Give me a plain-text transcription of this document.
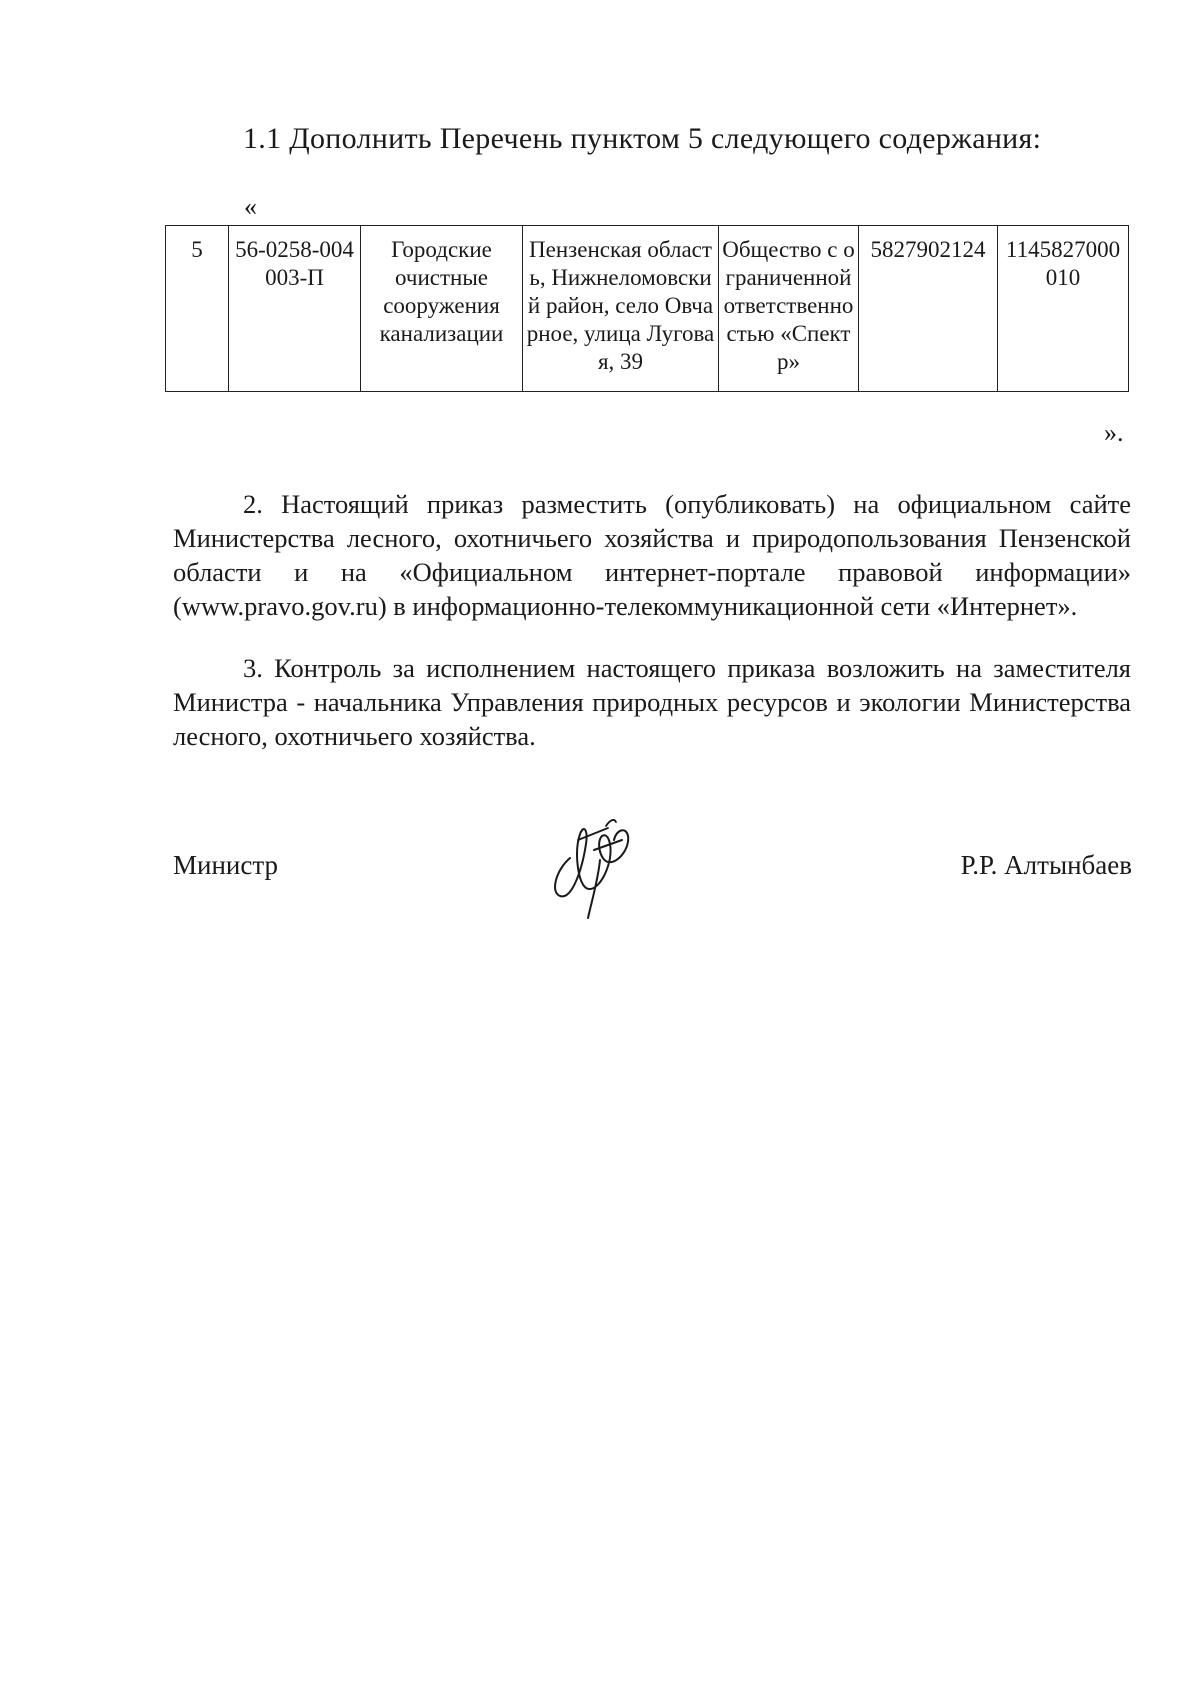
1.1 Дополнить Перечень пунктом 5 следующего содержания:
«
5	56-0258-004003-П	Городские очистные сооружения канализации	Пензенская область, Нижнеломовский район, село Овчарное, улица Луговая, 39	Общество с ограниченной ответственностью «Спектр»	5827902124	1145827000010
».
2. Настоящий приказ разместить (опубликовать) на официальном сайте Министерства лесного, охотничьего хозяйства и природопользования Пензенской области и на «Официальном интернет-портале правовой информации» (www.pravo.gov.ru) в информационно-телекоммуникационной сети «Интернет».
3. Контроль за исполнением настоящего приказа возложить на заместителя Министра - начальника Управления природных ресурсов и экологии Министерства лесного, охотничьего хозяйства.
Министр	Р.Р. Алтынбаев
